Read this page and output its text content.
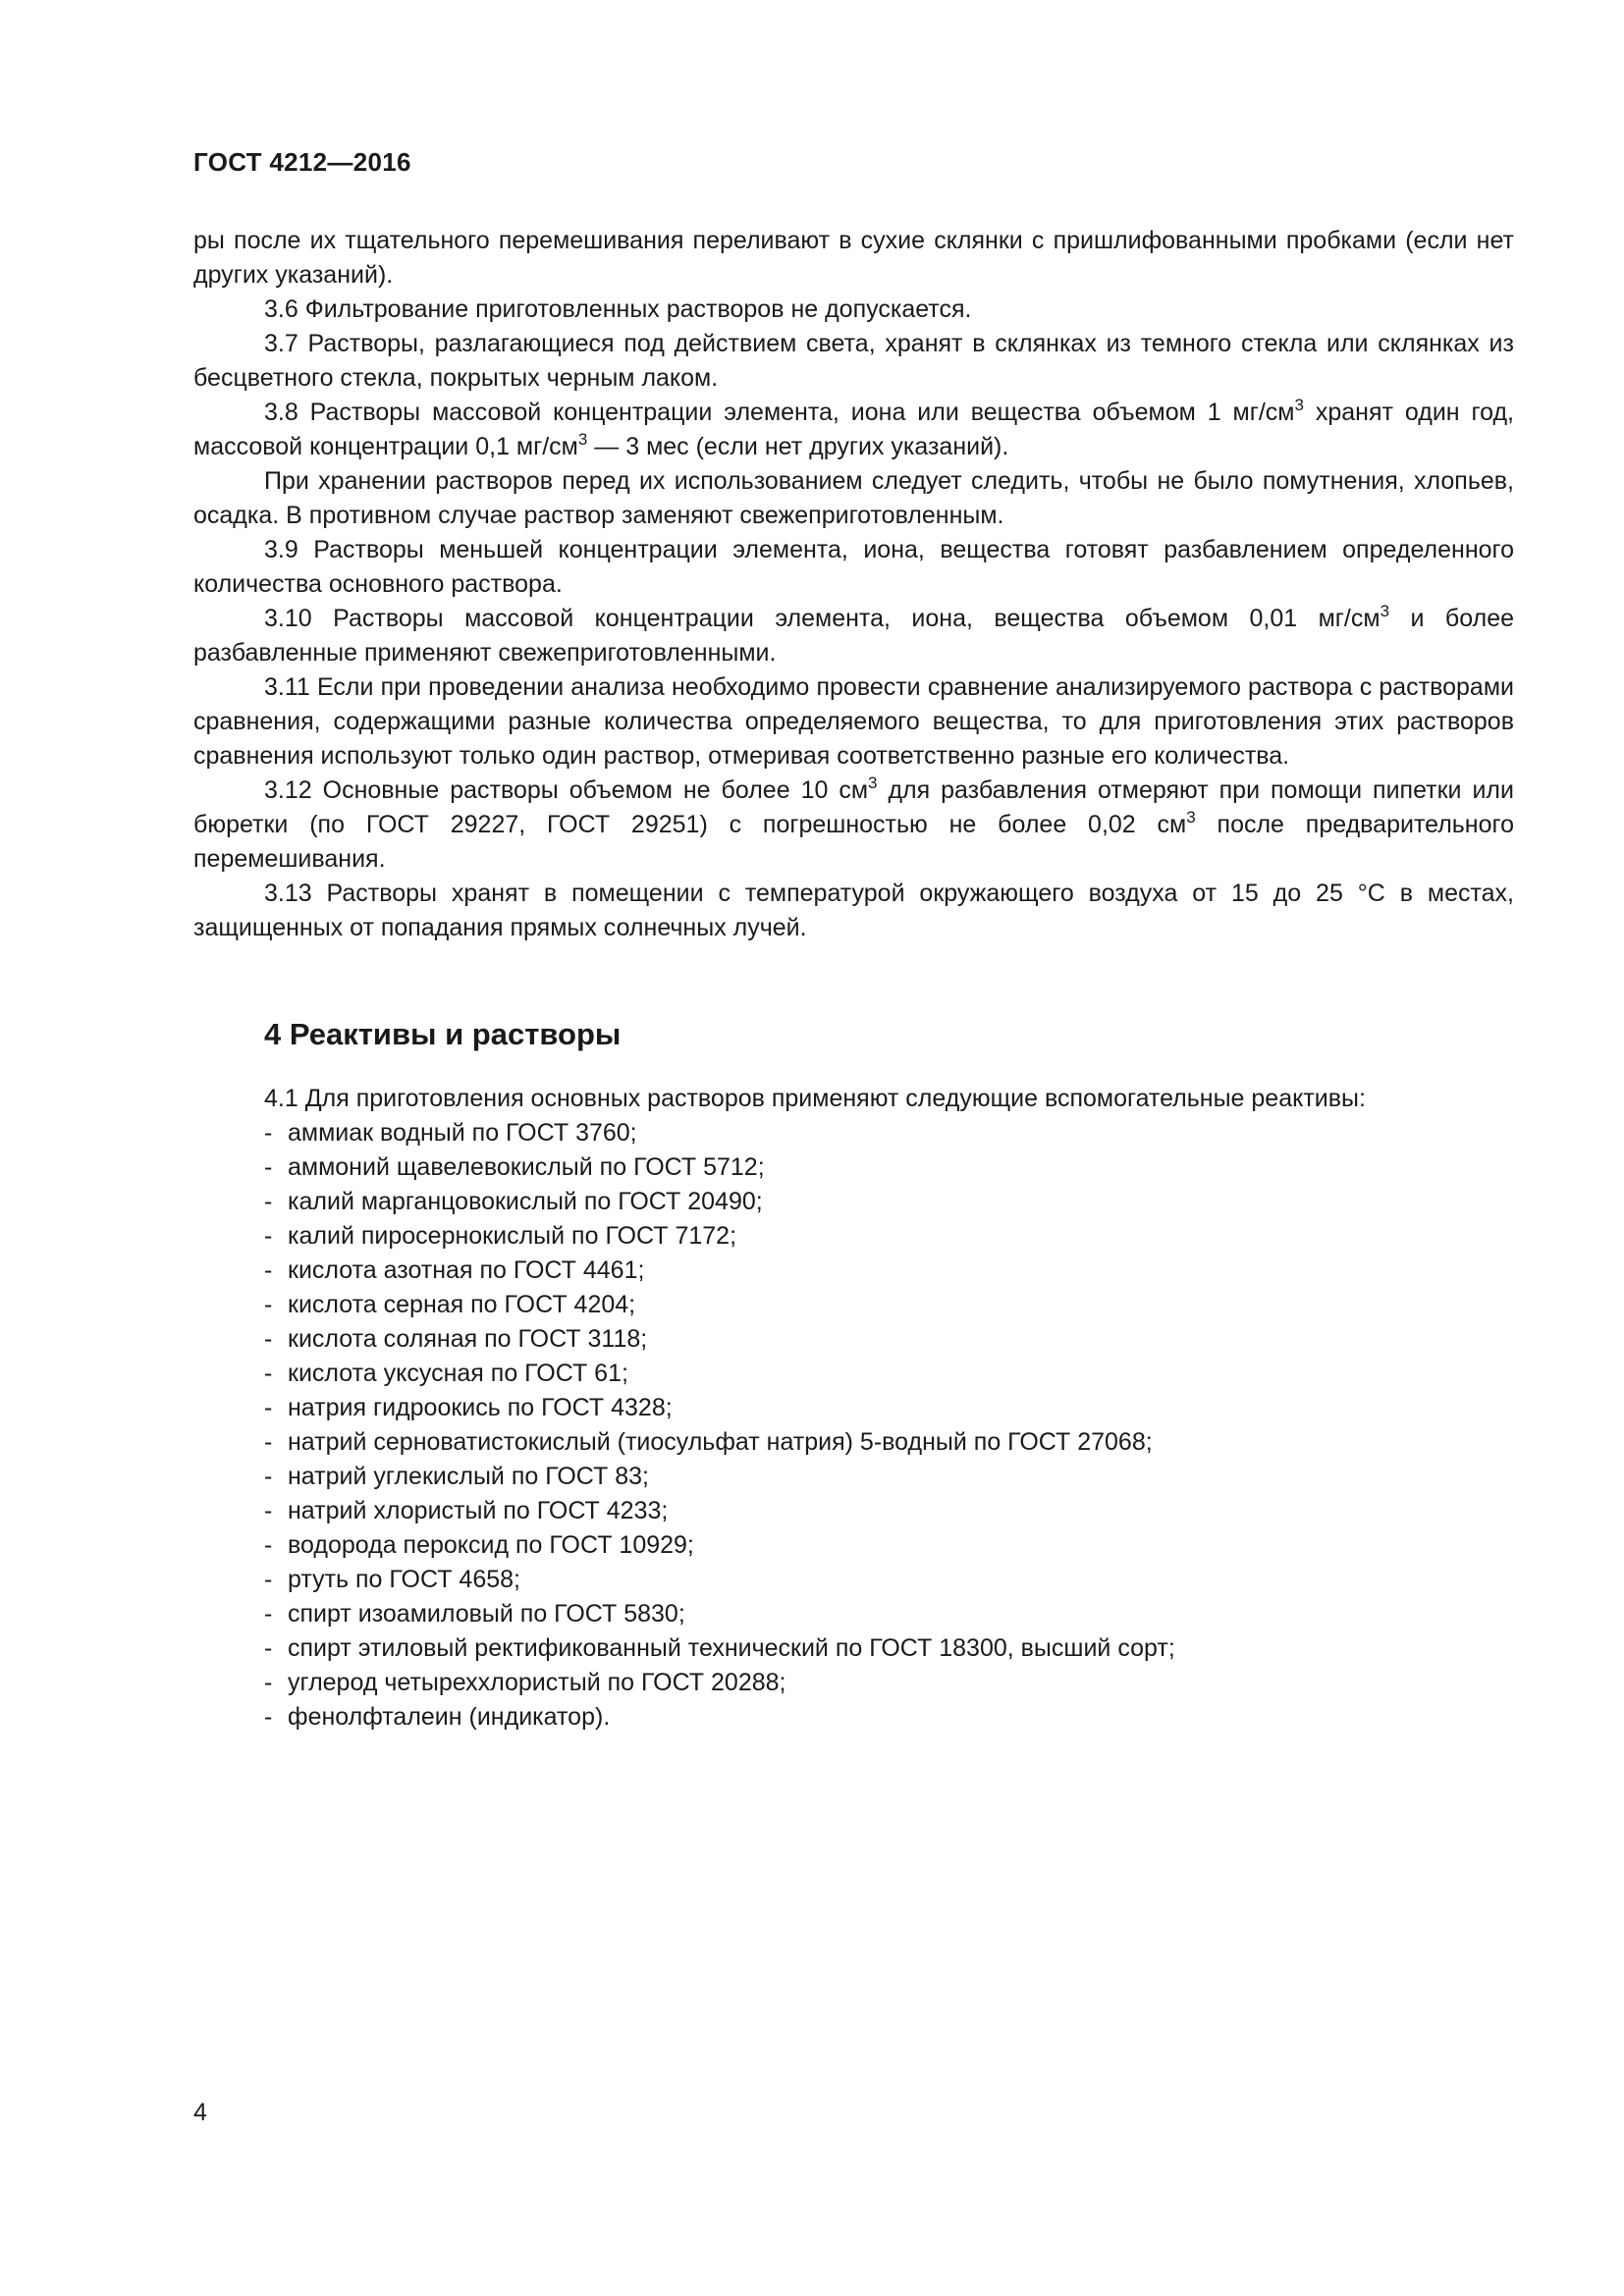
ГОСТ 4212—2016

ры после их тщательного перемешивания переливают в сухие склянки с пришлифованными пробками (если нет других указаний).

3.6 Фильтрование приготовленных растворов не допускается.

3.7 Растворы, разлагающиеся под действием света, хранят в склянках из темного стекла или склянках из бесцветного стекла, покрытых черным лаком.

3.8 Растворы массовой концентрации элемента, иона или вещества объемом 1 $мг/см^3$ хранят один год, массовой концентрации 0,1 $мг/см^3$ — 3 мес (если нет других указаний).

При хранении растворов перед их использованием следует следить, чтобы не было помутнения, хлопьев, осадка. В противном случае раствор заменяют свежеприготовленным.

3.9 Растворы меньшей концентрации элемента, иона, вещества готовят разбавлением определенного количества основного раствора.

3.10 Растворы массовой концентрации элемента, иона, вещества объемом 0,01 $мг/см^3$ и более разбавленные применяют свежеприготовленными.

3.11 Если при проведении анализа необходимо провести сравнение анализируемого раствора с растворами сравнения, содержащими разные количества определяемого вещества, то для приготовления этих растворов сравнения используют только один раствор, отмеривая соответственно разные его количества.

3.12 Основные растворы объемом не более 10 $см^3$ для разбавления отмеряют при помощи пипетки или бюретки (по ГОСТ 29227, ГОСТ 29251) с погрешностью не более 0,02 $см^3$ после предварительного перемешивания.

3.13 Растворы хранят в помещении с температурой окружающего воздуха от 15 до 25 °С в местах, защищенных от попадания прямых солнечных лучей.

4 Реактивы и растворы

4.1 Для приготовления основных растворов применяют следующие вспомогательные реактивы:

- аммиак водный по ГОСТ 3760;
- аммоний щавелевокислый по ГОСТ 5712;
- калий марганцовокислый по ГОСТ 20490;
- калий пиросернокислый по ГОСТ 7172;
- кислота азотная по ГОСТ 4461;
- кислота серная по ГОСТ 4204;
- кислота соляная по ГОСТ 3118;
- кислота уксусная по ГОСТ 61;
- натрия гидроокись по ГОСТ 4328;
- натрий серноватистокислый (тиосульфат натрия) 5-водный по ГОСТ 27068;
- натрий углекислый по ГОСТ 83;
- натрий хлористый по ГОСТ 4233;
- водорода пероксид по ГОСТ 10929;
- ртуть по ГОСТ 4658;
- спирт изоамиловый по ГОСТ 5830;
- спирт этиловый ректификованный технический по ГОСТ 18300, высший сорт;
- углерод четыреххлористый по ГОСТ 20288;
- фенолфталеин (индикатор).
4
